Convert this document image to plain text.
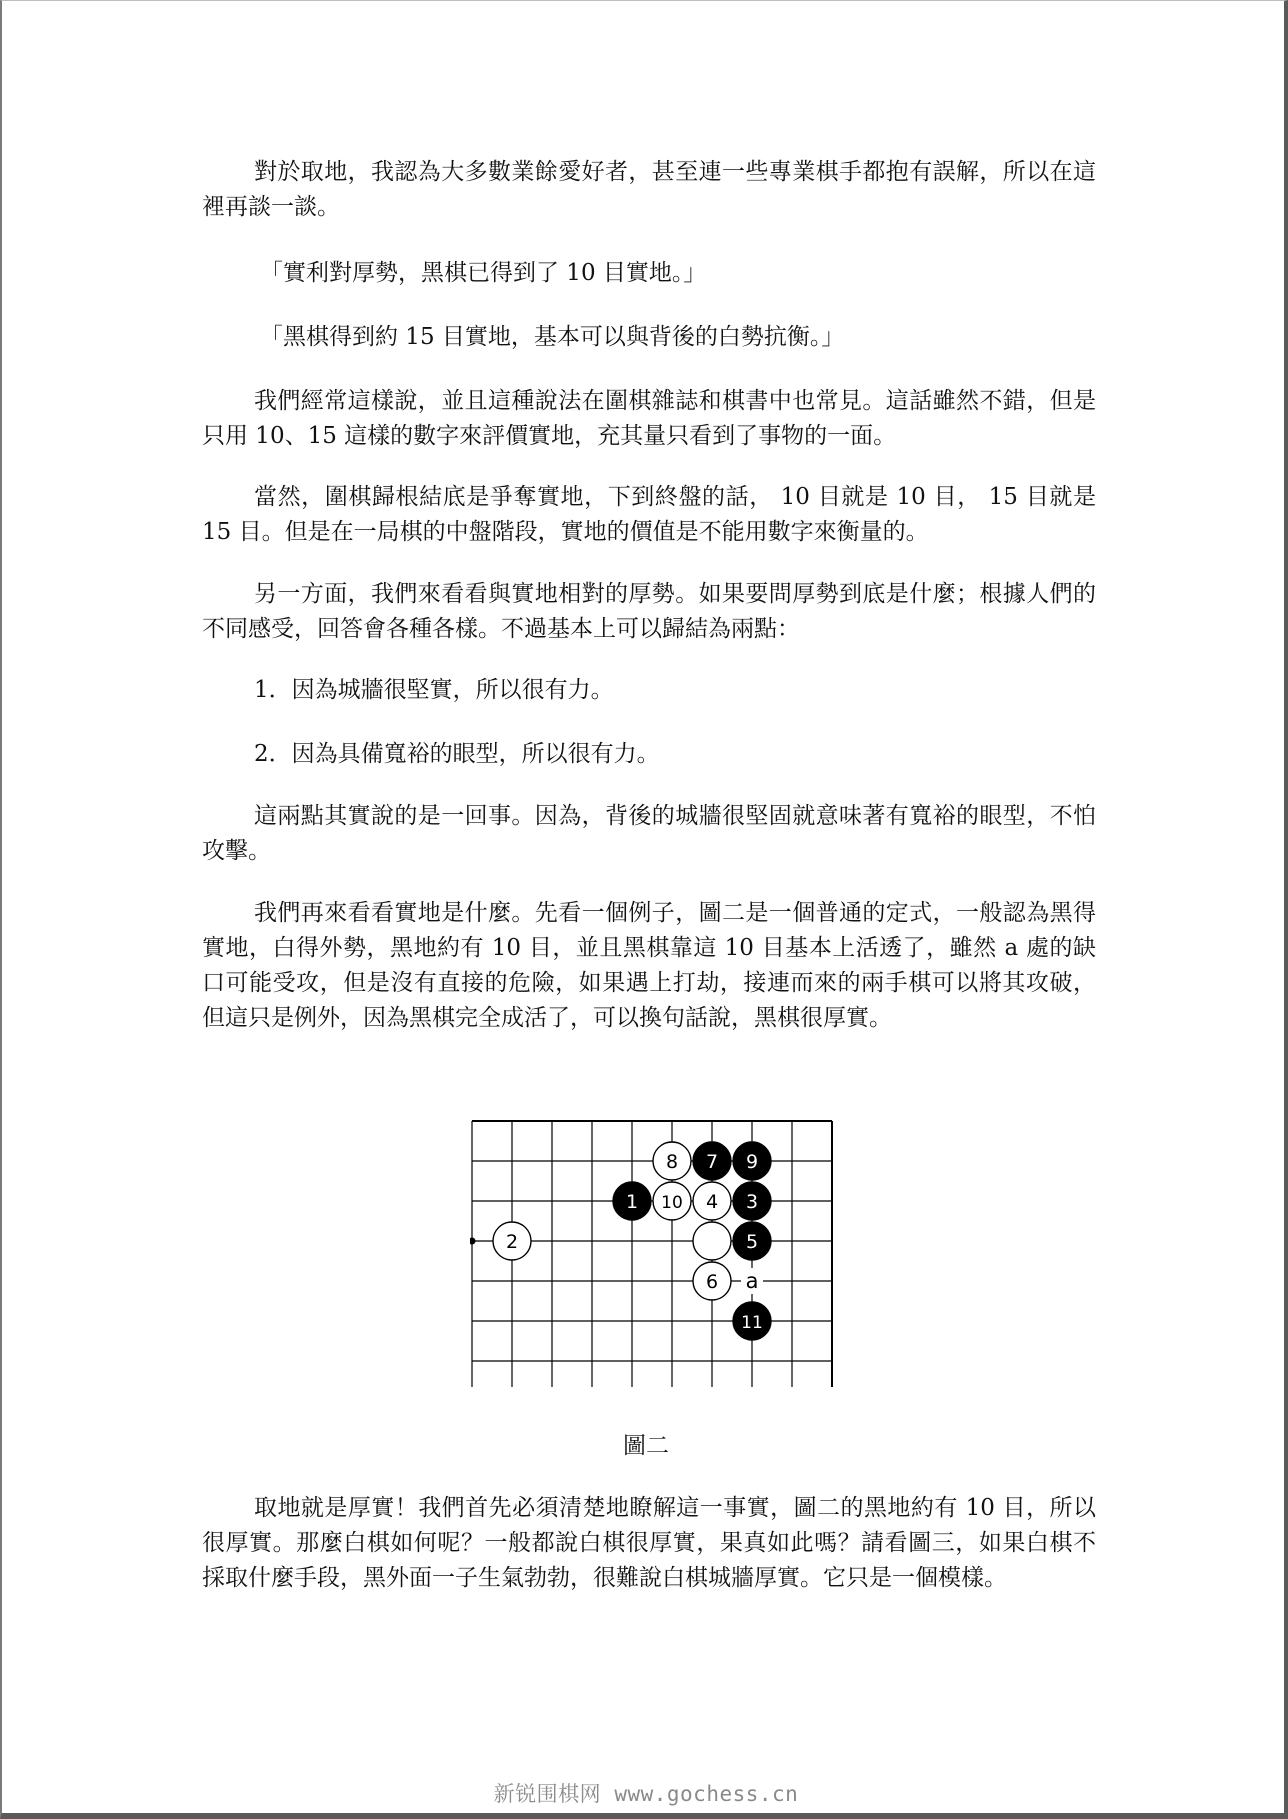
對於取地，我認為大多數業餘愛好者，甚至連一些專業棋手都抱有誤解，所以在這裡再談一談。

「實利對厚勢，黑棋已得到了 10 目實地。」

「黑棋得到約 15 目實地，基本可以與背後的白勢抗衡。」

我們經常這樣說，並且這種說法在圍棋雜誌和棋書中也常見。這話雖然不錯，但是只用 10、15 這樣的數字來評價實地，充其量只看到了事物的一面。

當然，圍棋歸根結底是爭奪實地，下到終盤的話， 10 目就是 10 目， 15 目就是 15 目。但是在一局棋的中盤階段，實地的價值是不能用數字來衡量的。

另一方面，我們來看看與實地相對的厚勢。如果要問厚勢到底是什麼；根據人們的不同感受，回答會各種各樣。不過基本上可以歸結為兩點：

1．因為城牆很堅實，所以很有力。

2．因為具備寬裕的眼型，所以很有力。

這兩點其實說的是一回事。因為，背後的城牆很堅固就意味著有寬裕的眼型，不怕攻擊。

我們再來看看實地是什麼。先看一個例子，圖二是一個普通的定式，一般認為黑得實地，白得外勢，黑地約有 10 目，並且黑棋靠這 10 目基本上活透了，雖然 a 處的缺口可能受攻，但是沒有直接的危險，如果遇上打劫，接連而來的兩手棋可以將其攻破，但這只是例外，因為黑棋完全成活了，可以換句話說，黑棋很厚實。

8 7 9
1 10 4 3
2	5
6
11
a
圖二

取地就是厚實！我們首先必須清楚地瞭解這一事實，圖二的黑地約有 10 目，所以很厚實。那麼白棋如何呢？一般都說白棋很厚實，果真如此嗎？請看圖三，如果白棋不採取什麼手段，黑外面一子生氣勃勃，很難說白棋城牆厚實。它只是一個模樣。

新锐围棋网 www.gochess.cn
